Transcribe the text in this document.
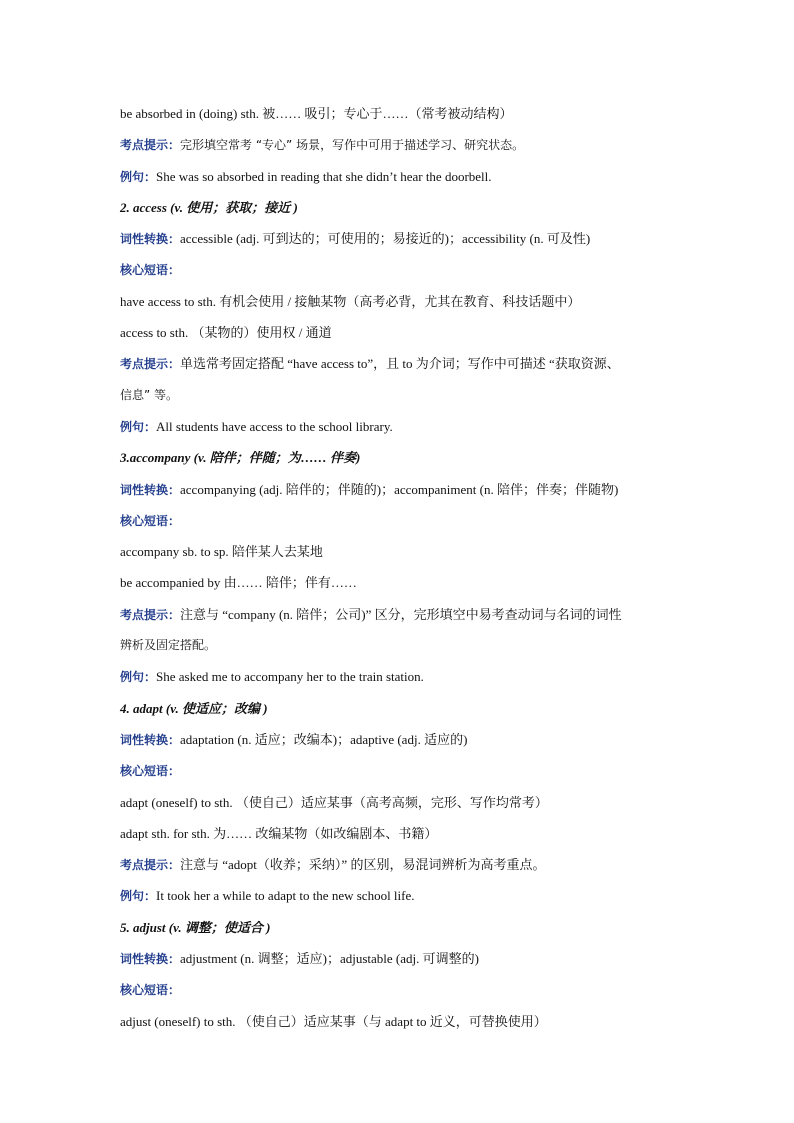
be absorbed in (doing) sth. 被…… 吸引；专心于……（常考被动结构）
考点提示：完形填空常考 “专心” 场景，写作中可用于描述学习、研究状态。
例句：She was so absorbed in reading that she didn’t hear the doorbell.
2. access (v. 使用；获取；接近 )
词性转换：accessible (adj. 可到达的；可使用的；易接近的)；accessibility (n. 可及性)
核心短语：
have access to sth. 有机会使用 / 接触某物（高考必背，尤其在教育、科技话题中）
access to sth. （某物的）使用权 / 通道
考点提示：单选常考固定搭配 “have access to”，且 to 为介词；写作中可描述 “获取资源、
信息” 等。
例句：All students have access to the school library.
3.accompany (v. 陪伴；伴随；为…… 伴奏)
词性转换：accompanying (adj. 陪伴的；伴随的)；accompaniment (n. 陪伴；伴奏；伴随物)
核心短语：
accompany sb. to sp. 陪伴某人去某地
be accompanied by 由…… 陪伴；伴有……
考点提示：注意与 “company (n. 陪伴；公司)” 区分，完形填空中易考查动词与名词的词性
辨析及固定搭配。
例句：She asked me to accompany her to the train station.
4. adapt (v. 使适应；改编 )
词性转换：adaptation (n. 适应；改编本)；adaptive (adj. 适应的)
核心短语：
adapt (oneself) to sth. （使自己）适应某事（高考高频，完形、写作均常考）
adapt sth. for sth. 为…… 改编某物（如改编剧本、书籍）
考点提示：注意与 “adopt（收养；采纳）” 的区别，易混词辨析为高考重点。
例句：It took her a while to adapt to the new school life.
5. adjust (v. 调整；使适合 )
词性转换：adjustment (n. 调整；适应)；adjustable (adj. 可调整的)
核心短语：
adjust (oneself) to sth. （使自己）适应某事（与 adapt to 近义，可替换使用）
